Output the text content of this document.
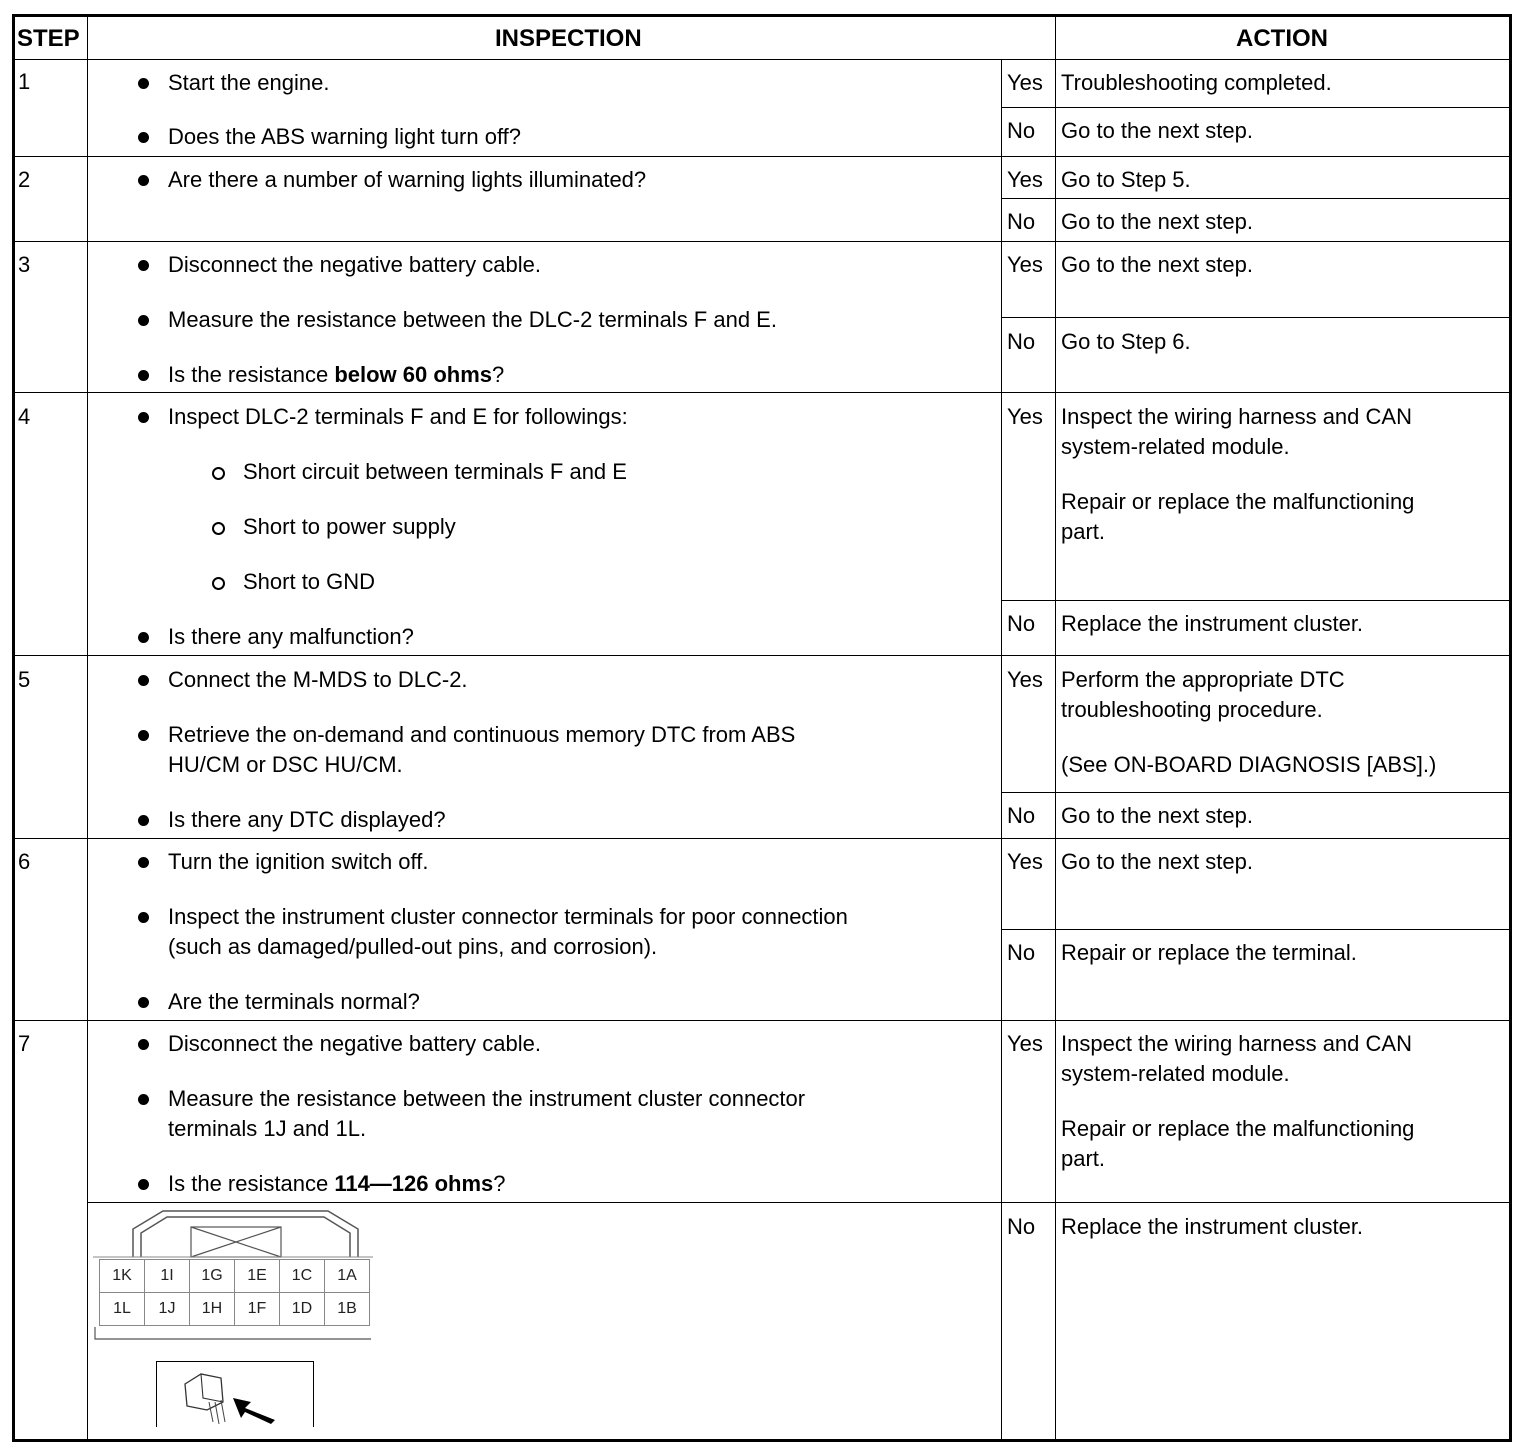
STEP	INSPECTION	ACTION
1	Start the engine.
Does the ABS warning light turn off?
Yes Troubleshooting completed.
No Go to the next step.
2	Are there a number of warning lights illuminated?	Yes Go to Step 5.
No Go to the next step.
3	Disconnect the negative battery cable.
Measure the resistance between the DLC-2 terminals F and E.
Is the resistance below 60 ohms?
Yes Go to the next step.
No Go to Step 6.
4	Inspect DLC-2 terminals F and E for followings:
Short circuit between terminals F and E
Short to power supply
Short to GND
Is there any malfunction?
Yes Inspect the wiring harness and CAN
system-related module.
Repair or replace the malfunctioning
part.
No Replace the instrument cluster.
5	Connect the M-MDS to DLC-2.
Retrieve the on-demand and continuous memory DTC from ABS
HU/CM or DSC HU/CM.
Is there any DTC displayed?
Yes Perform the appropriate DTC
troubleshooting procedure.
(See ON-BOARD DIAGNOSIS [ABS].)
No Go to the next step.
6	Turn the ignition switch off.
Inspect the instrument cluster connector terminals for poor connection
(such as damaged/pulled-out pins, and corrosion).
Are the terminals normal?
Yes Go to the next step.
No Repair or replace the terminal.
7	Disconnect the negative battery cable.
Measure the resistance between the instrument cluster connector
terminals 1J and 1L.
Is the resistance 114—126 ohms?
Yes Inspect the wiring harness and CAN
system-related module.
Repair or replace the malfunctioning
part.
No Replace the instrument cluster.
1K	1I	1G	1E	1C	1A
1L	1J	1H	1F	1D	1B
